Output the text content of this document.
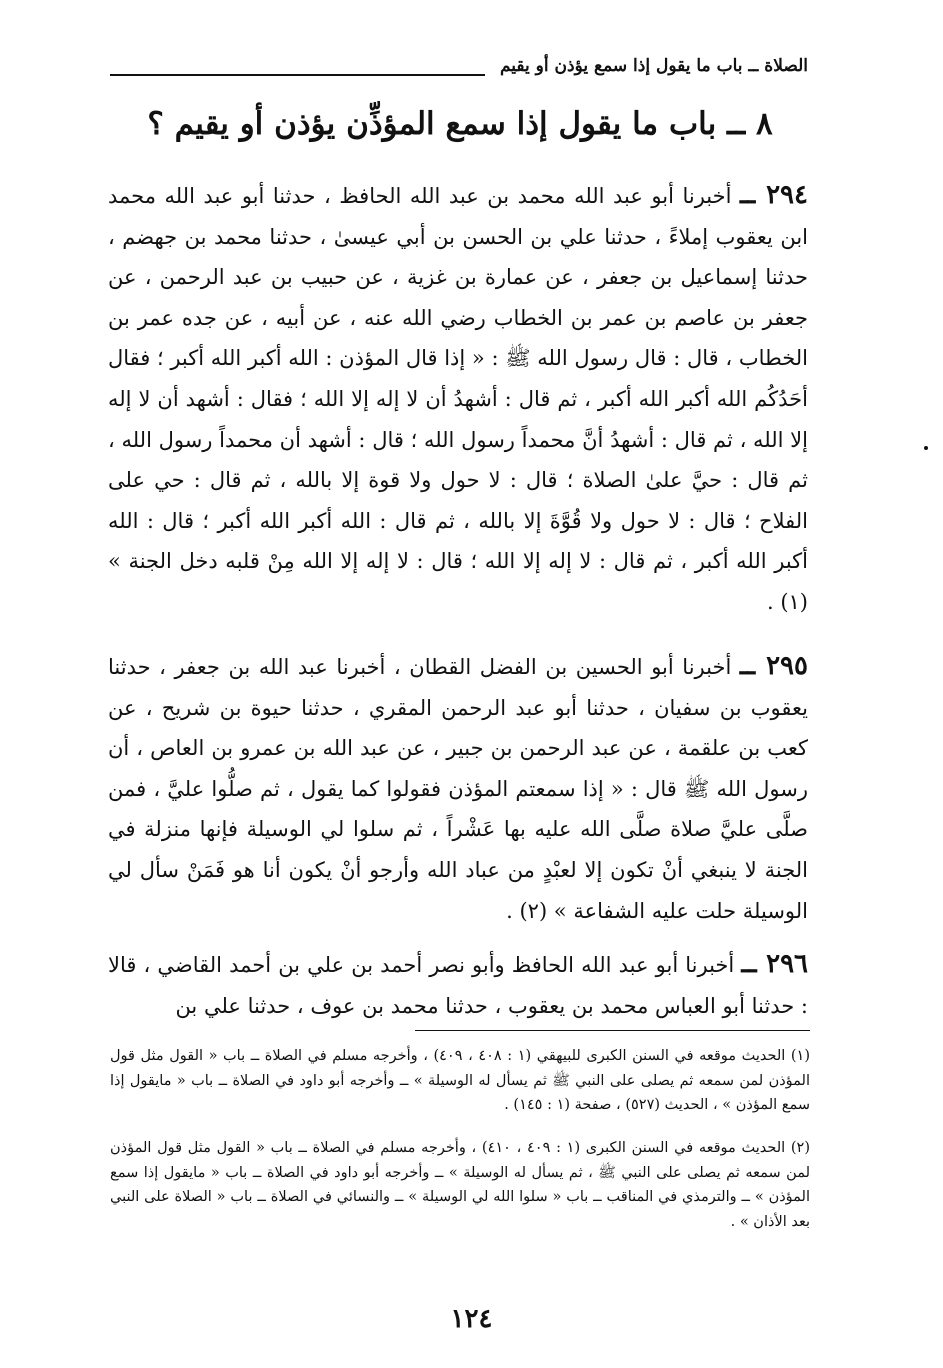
الصلاة ــ باب ما يقول إذا سمع يؤذن أو يقيم
٨ ــ باب ما يقول إذا سمع المؤذِّن يؤذن أو يقيم ؟

٢٩٤ ــ أخبرنا أبو عبد الله محمد بن عبد الله الحافظ ، حدثنا أبو عبد الله محمد ابن يعقوب إملاءً ، حدثنا علي بن الحسن بن أبي عيسىٰ ، حدثنا محمد بن جهضم ، حدثنا إسماعيل بن جعفر ، عن عمارة بن غزية ، عن حبيب بن عبد الرحمن ، عن جعفر بن عاصم بن عمر بن الخطاب رضي الله عنه ، عن أبيه ، عن جده عمر بن الخطاب ، قال : قال رسول الله ﷺ : « إذا قال المؤذن : الله أكبر الله أكبر ؛ فقال أحَدُكُم الله أكبر الله أكبر ، ثم قال : أشهدُ أن لا إله إلا الله ؛ فقال : أشهد أن لا إله إلا الله ، ثم قال : أشهدُ أنَّ محمداً رسول الله ؛ قال : أشهد أن محمداً رسول الله ، ثم قال : حيَّ علىٰ الصلاة ؛ قال : لا حول ولا قوة إلا بالله ، ثم قال : حي على الفلاح ؛ قال : لا حول ولا قُوَّةَ إلا بالله ، ثم قال : الله أكبر الله أكبر ؛ قال : الله أكبر الله أكبر ، ثم قال : لا إله إلا الله ؛ قال : لا إله إلا الله مِنْ قلبه دخل الجنة » (١) .

٢٩٥ ــ أخبرنا أبو الحسين بن الفضل القطان ، أخبرنا عبد الله بن جعفر ، حدثنا يعقوب بن سفيان ، حدثنا أبو عبد الرحمن المقري ، حدثنا حيوة بن شريح ، عن كعب بن علقمة ، عن عبد الرحمن بن جبير ، عن عبد الله بن عمرو بن العاص ، أن رسول الله ﷺ قال : « إذا سمعتم المؤذن فقولوا كما يقول ، ثم صلُّوا عليَّ ، فمن صلَّى عليَّ صلاة صلَّى الله عليه بها عَشْراً ، ثم سلوا لي الوسيلة فإنها منزلة في الجنة لا ينبغي أنْ تكون إلا لعبْدٍ من عباد الله وأرجو أنْ يكون أنا هو فَمَنْ سأل لي الوسيلة حلت عليه الشفاعة » (٢) .

٢٩٦ ــ أخبرنا أبو عبد الله الحافظ وأبو نصر أحمد بن علي بن أحمد القاضي ، قالا : حدثنا أبو العباس محمد بن يعقوب ، حدثنا محمد بن عوف ، حدثنا علي بن

(١) الحديث موقعه في السنن الكبرى للبيهقي (١ : ٤٠٨ ، ٤٠٩) ، وأخرجه مسلم في الصلاة ــ باب « القول مثل قول المؤذن لمن سمعه ثم يصلى على النبي ﷺ ثم يسأل له الوسيلة » ــ وأخرجه أبو داود في الصلاة ــ باب « مايقول إذا سمع المؤذن » ، الحديث (٥٢٧) ، صفحة (١ : ١٤٥) .

(٢) الحديث موقعه في السنن الكبرى (١ : ٤٠٩ ، ٤١٠) ، وأخرجه مسلم في الصلاة ــ باب « القول مثل قول المؤذن لمن سمعه ثم يصلى على النبي ﷺ ، ثم يسأل له الوسيلة » ــ وأخرجه أبو داود في الصلاة ــ باب « مايقول إذا سمع المؤذن » ــ والترمذي في المناقب ــ باب « سلوا الله لي الوسيلة » ــ والنسائي في الصلاة ــ باب « الصلاة على النبي بعد الأذان » .

١٢٤
